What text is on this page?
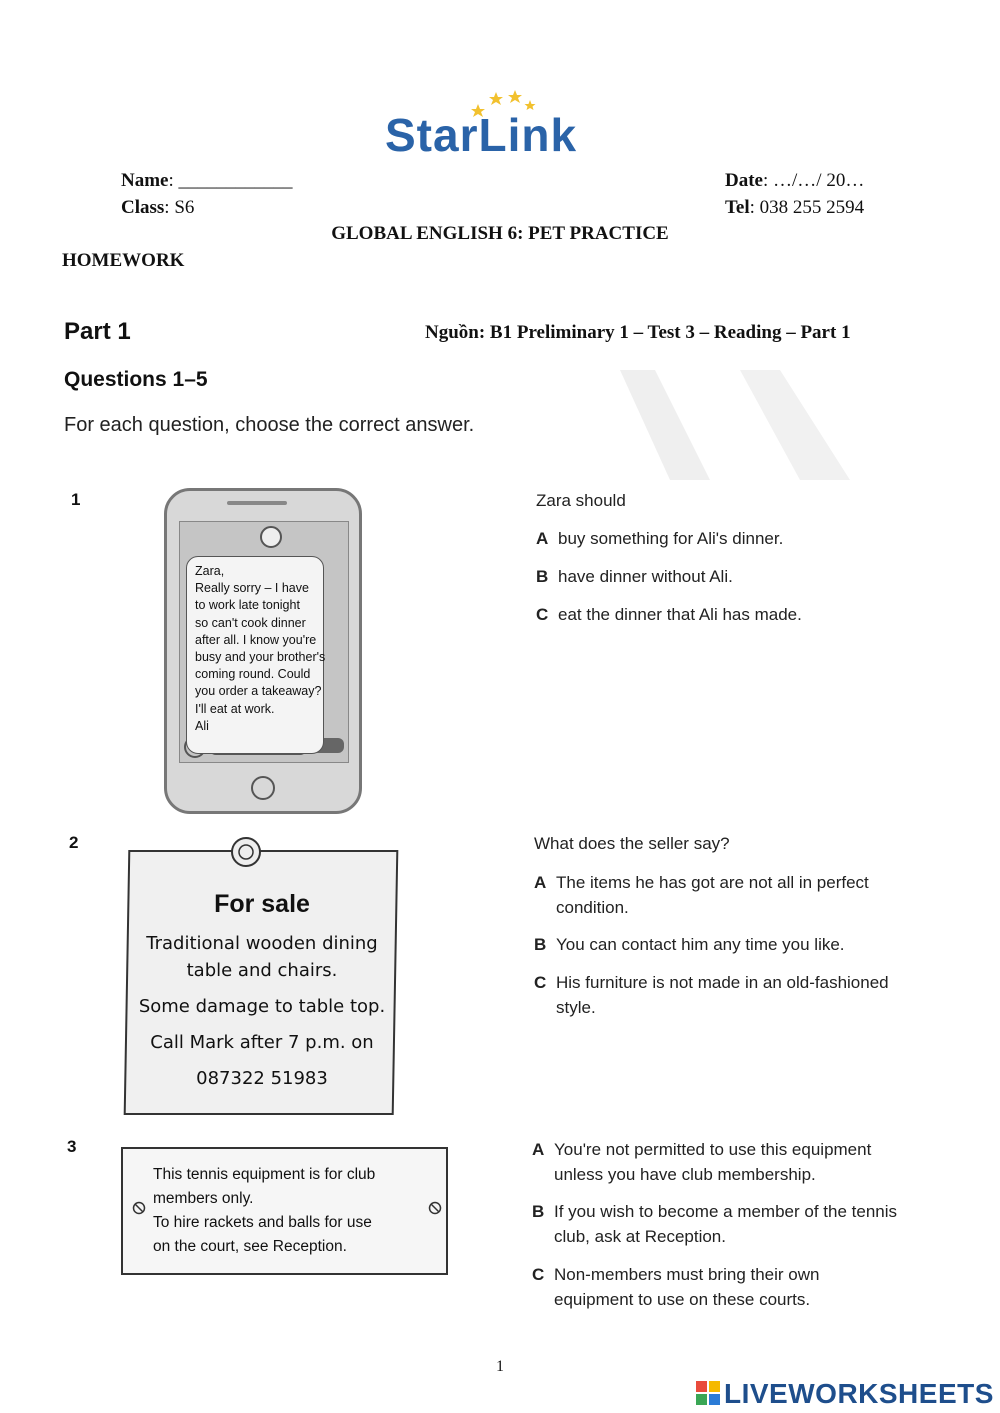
StarLink
Name: ____________	Date: …/…/ 20…
Class: S6	Tel: 038 255 2594
GLOBAL ENGLISH 6: PET PRACTICE
HOMEWORK
Part 1	Nguồn: B1 Preliminary 1 – Test 3 – Reading – Part 1
Questions 1–5
For each question, choose the correct answer.
1
Zara,
Really sorry – I have
to work late tonight
so can't cook dinner
after all. I know you're
busy and your brother's
coming round. Could
you order a takeaway?
I'll eat at work.
Ali
Zara should
A buy something for Ali's dinner.
B have dinner without Ali.
C eat the dinner that Ali has made.
2
For sale
Traditional wooden dining
table and chairs.
Some damage to table top.
Call Mark after 7 p.m. on
087322 51983
What does the seller say?
A The items he has got are not all in perfect condition.
B You can contact him any time you like.
C His furniture is not made in an old-fashioned style.
3
This tennis equipment is for club
members only.
To hire rackets and balls for use
on the court, see Reception.
A You're not permitted to use this equipment unless you have club membership.
B If you wish to become a member of the tennis club, ask at Reception.
C Non-members must bring their own equipment to use on these courts.
1
LIVEWORKSHEETS
